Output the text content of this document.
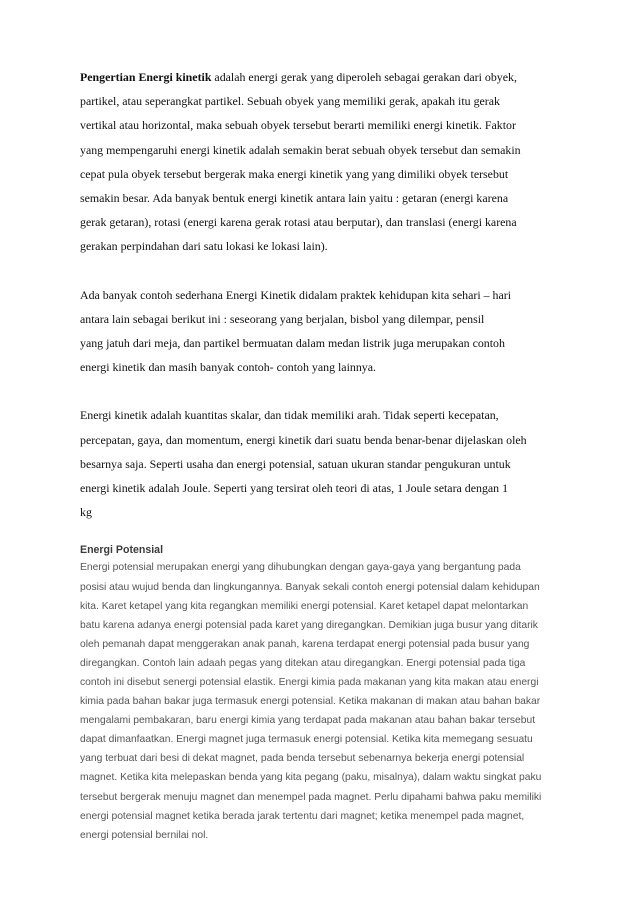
Pengertian Energi kinetik adalah energi gerak yang diperoleh sebagai gerakan dari obyek,
partikel, atau seperangkat partikel. Sebuah obyek yang memiliki gerak, apakah itu gerak
vertikal atau horizontal, maka sebuah obyek tersebut berarti memiliki energi kinetik. Faktor
yang mempengaruhi energi kinetik adalah semakin berat sebuah obyek tersebut dan semakin
cepat pula obyek tersebut bergerak maka energi kinetik yang yang dimiliki obyek tersebut
semakin besar. Ada banyak bentuk energi kinetik antara lain yaitu : getaran (energi karena
gerak getaran), rotasi (energi karena gerak rotasi atau berputar), dan translasi (energi karena
gerakan perpindahan dari satu lokasi ke lokasi lain).

Ada banyak contoh sederhana Energi Kinetik didalam praktek kehidupan kita sehari – hari
antara lain sebagai berikut ini : seseorang yang berjalan, bisbol yang dilempar, pensil
yang jatuh dari meja, dan partikel bermuatan dalam medan listrik juga merupakan contoh
energi kinetik dan masih banyak contoh- contoh yang lainnya.

Energi kinetik adalah kuantitas skalar, dan tidak memiliki arah. Tidak seperti kecepatan,
percepatan, gaya, dan momentum, energi kinetik dari suatu benda benar-benar dijelaskan oleh
besarnya saja. Seperti usaha dan energi potensial, satuan ukuran standar pengukuran untuk
energi kinetik adalah Joule. Seperti yang tersirat oleh teori di atas, 1 Joule setara dengan 1
kg

Energi Potensial

Energi potensial merupakan energi yang dihubungkan dengan gaya-gaya yang bergantung pada
posisi atau wujud benda dan lingkungannya. Banyak sekali contoh energi potensial dalam kehidupan
kita. Karet ketapel yang kita regangkan memiliki energi potensial. Karet ketapel dapat melontarkan
batu karena adanya energi potensial pada karet yang diregangkan. Demikian juga busur yang ditarik
oleh pemanah dapat menggerakan anak panah, karena terdapat energi potensial pada busur yang
diregangkan. Contoh lain adaah pegas yang ditekan atau diregangkan. Energi potensial pada tiga
contoh ini disebut senergi potensial elastik. Energi kimia pada makanan yang kita makan atau energi
kimia pada bahan bakar juga termasuk energi potensial. Ketika makanan di makan atau bahan bakar
mengalami pembakaran, baru energi kimia yang terdapat pada makanan atau bahan bakar tersebut
dapat dimanfaatkan. Energi magnet juga termasuk energi potensial. Ketika kita memegang sesuatu
yang terbuat dari besi di dekat magnet, pada benda tersebut sebenarnya bekerja energi potensial
magnet. Ketika kita melepaskan benda yang kita pegang (paku, misalnya), dalam waktu singkat paku
tersebut bergerak menuju magnet dan menempel pada magnet. Perlu dipahami bahwa paku memiliki
energi potensial magnet ketika berada jarak tertentu dari magnet; ketika menempel pada magnet,
energi potensial bernilai nol.
